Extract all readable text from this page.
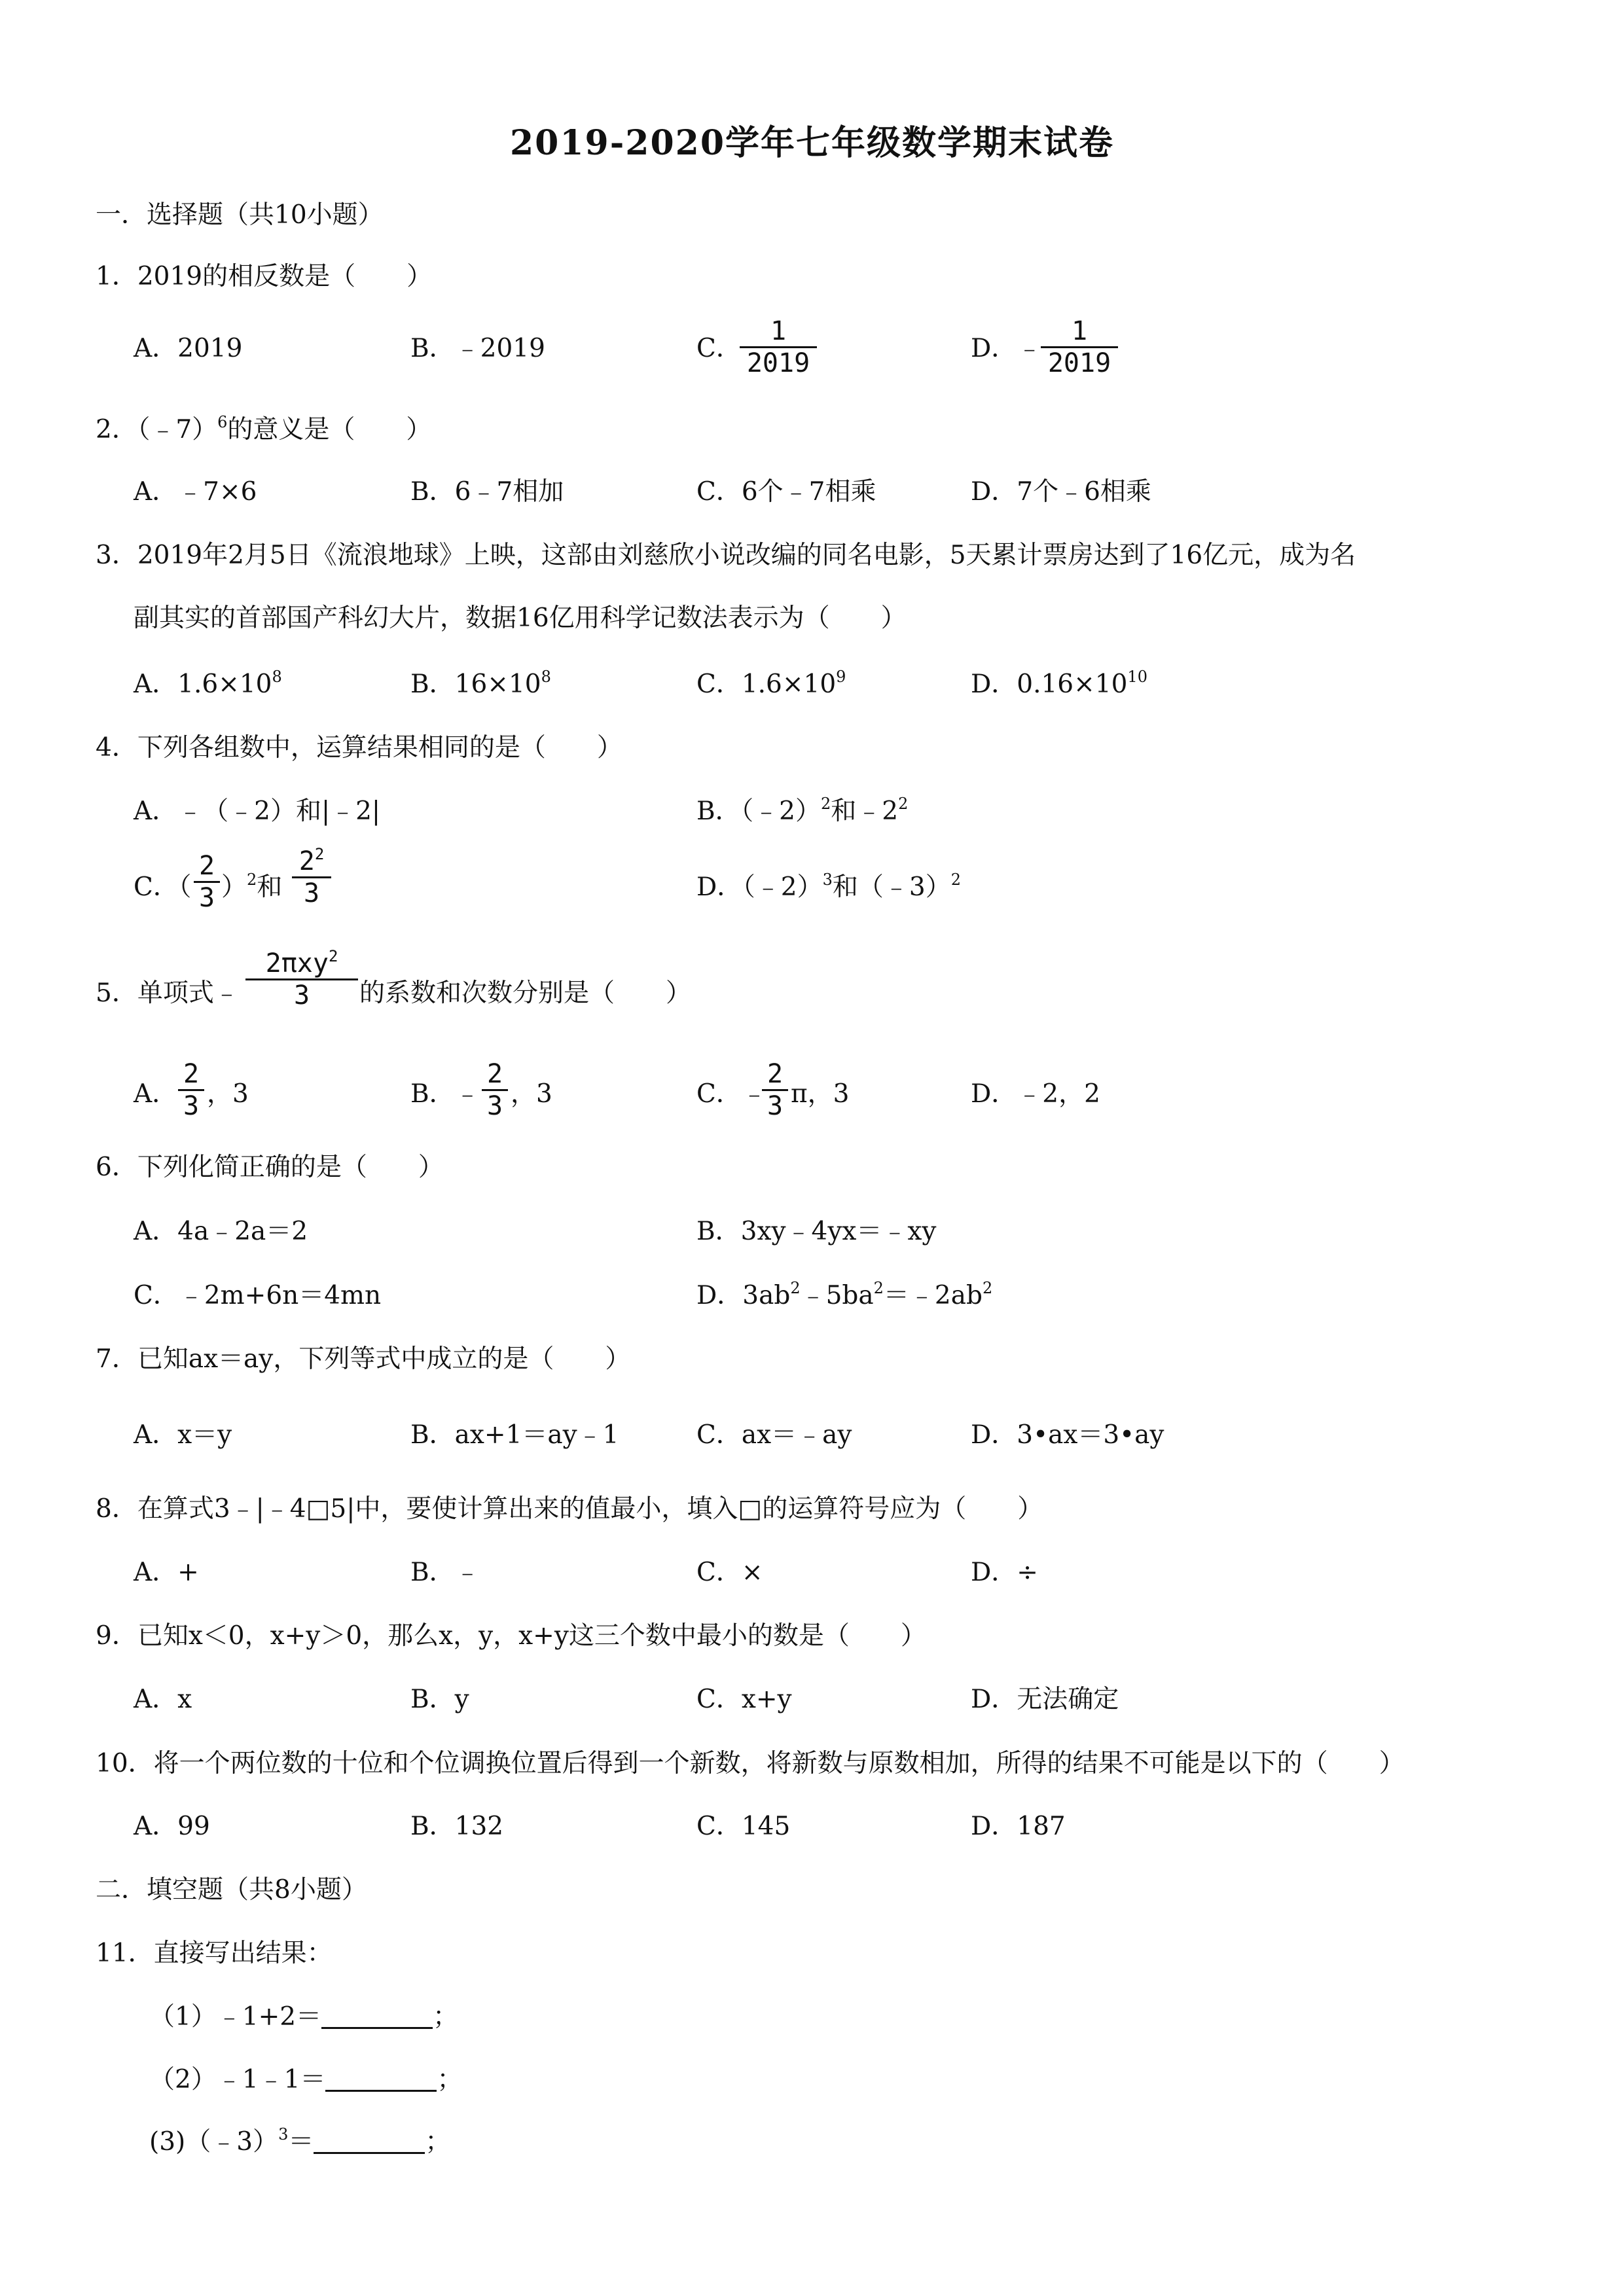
2019-2020学年七年级数学期末试卷
一．选择题（共10小题）
1．2019的相反数是（　　）
A．2019	B．﹣2019	C．
1
2019	D．﹣
1
2019
2．（﹣7）$^6$的意义是（　　）
A．﹣7×6	B．6﹣7相加	C．6个﹣7相乘	D．7个﹣6相乘
3．2019年2月5日《流浪地球》上映，这部由刘慈欣小说改编的同名电影，5天累计票房达到了16亿元，成为名
副其实的首部国产科幻大片，数据16亿用科学记数法表示为（　　）
A．$1.6\times 10^8$	B．$16\times 10^8$	C．$1.6\times 10^9$	D．$0.16\times 10^{10}$
4．下列各组数中，运算结果相同的是（　　）
A．﹣（﹣2）和|﹣2|	B．（﹣2）$^2$和$﹣2^2$
C．（
2
3 ）$^2$和
$2^2$
3	D．（﹣2）$^3$和（﹣3）$^2$
5．单项式﹣
2πxy$^2$
3	的系数和次数分别是（　　）
A．
2
3 ，3	B．﹣
2
3 ，3	C．﹣
2
3 π，3	D．﹣2，2
6．下列化简正确的是（　　）
A．4a﹣2a＝2	B．3xy﹣4yx＝﹣xy
C．﹣2m+6n＝4mn	D．$3ab^2﹣5ba^2=﹣2ab^2$
7．已知ax＝ay，下列等式中成立的是（　　）
A．x＝y	B．ax+1＝ay﹣1	C．ax＝﹣ay	D．3•ax＝3•ay
8．在算式3﹣|﹣4□5|中，要使计算出来的值最小，填入□的运算符号应为（　　）
A．+	B．﹣	C．×	D．÷
9．已知x＜0，x+y＞0，那么x，y，x+y这三个数中最小的数是（　　）
A．x	B．y	C．x+y	D．无法确定
10．将一个两位数的十位和个位调换位置后得到一个新数，将新数与原数相加，所得的结果不可能是以下的（　　）
A．99	B．132	C．145	D．187
二．填空题（共8小题）
11．直接写出结果：
（1）﹣1+2＝	；
（2）﹣1﹣1＝	；
(3)（﹣3）$^3$＝	；
